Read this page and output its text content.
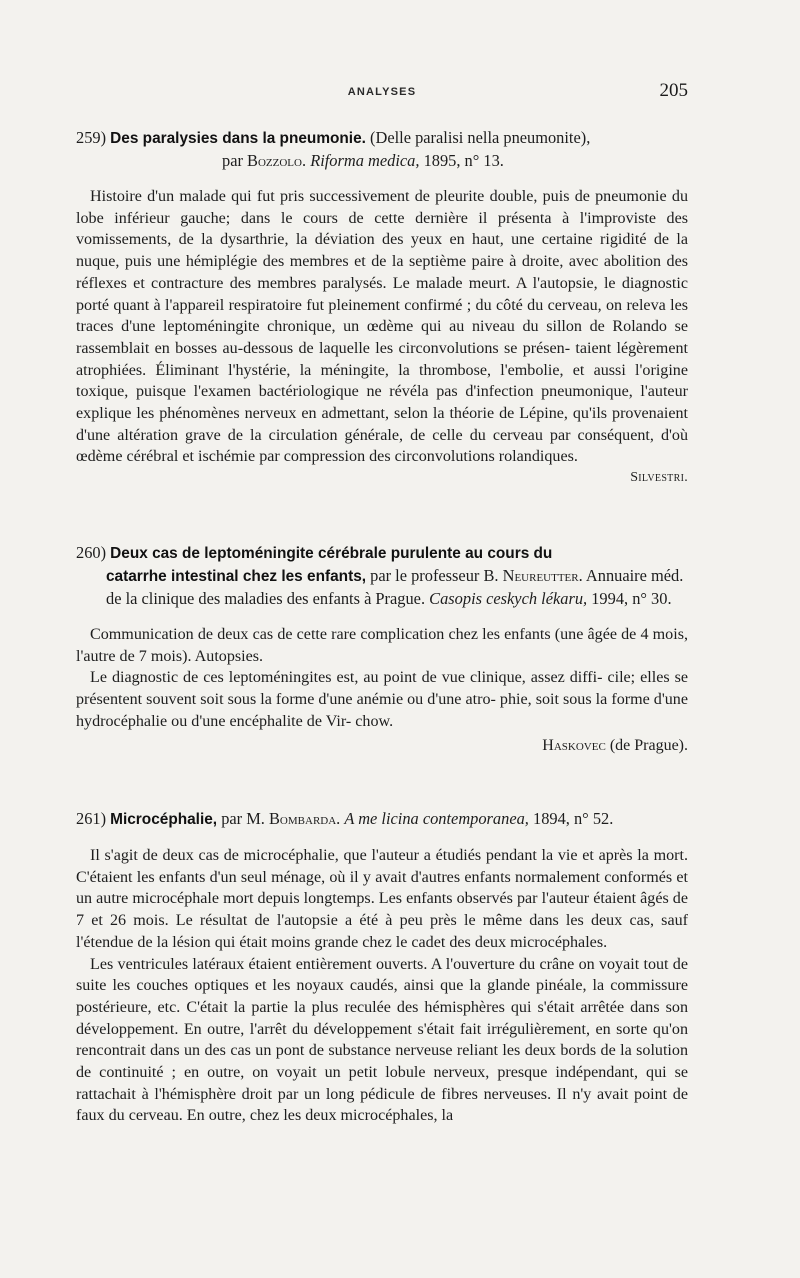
ANALYSES	205
259) Des paralysies dans la pneumonie. (Delle paralisi nella pneumonite),
par Bozzolo. Riforma medica, 1895, n° 13.

Histoire d'un malade qui fut pris successivement de pleurite double, puis de pneumonie du lobe inférieur gauche; dans le cours de cette dernière il présenta à l'improviste des vomissements, de la dysarthrie, la déviation des yeux en haut, une certaine rigidité de la nuque, puis une hémiplégie des membres et de la septième paire à droite, avec abolition des réflexes et contracture des membres paralysés. Le malade meurt. A l'autopsie, le diagnostic porté quant à l'appareil respiratoire fut pleinement confirmé ; du côté du cerveau, on releva les traces d'une leptoméningite chronique, un œdème qui au niveau du sillon de Rolando se rassemblait en bosses au-dessous de laquelle les circonvolutions se présen- taient légèrement atrophiées. Éliminant l'hystérie, la méningite, la thrombose, l'embolie, et aussi l'origine toxique, puisque l'examen bactériologique ne révéla pas d'infection pneumonique, l'auteur explique les phénomènes nerveux en admettant, selon la théorie de Lépine, qu'ils provenaient d'une altération grave de la circulation générale, de celle du cerveau par conséquent, d'où œdème cérébral et ischémie par compression des circonvolutions rolandiques.

Silvestri.
260) Deux cas de leptoméningite cérébrale purulente au cours du
catarrhe intestinal chez les enfants, par le professeur B. Neureutter. Annuaire méd. de la clinique des maladies des enfants à Prague. Casopis ceskych lékaru, 1994, n° 30.

Communication de deux cas de cette rare complication chez les enfants (une âgée de 4 mois, l'autre de 7 mois). Autopsies.

Le diagnostic de ces leptoméningites est, au point de vue clinique, assez diffi- cile; elles se présentent souvent soit sous la forme d'une anémie ou d'une atro- phie, soit sous la forme d'une hydrocéphalie ou d'une encéphalite de Vir- chow.

Haskovec (de Prague).
261) Microcéphalie, par M. Bombarda. A me licina contemporanea, 1894, n° 52.

Il s'agit de deux cas de microcéphalie, que l'auteur a étudiés pendant la vie et après la mort. C'étaient les enfants d'un seul ménage, où il y avait d'autres enfants normalement conformés et un autre microcéphale mort depuis longtemps. Les enfants observés par l'auteur étaient âgés de 7 et 26 mois. Le résultat de l'autopsie a été à peu près le même dans les deux cas, sauf l'étendue de la lésion qui était moins grande chez le cadet des deux microcéphales.

Les ventricules latéraux étaient entièrement ouverts. A l'ouverture du crâne on voyait tout de suite les couches optiques et les noyaux caudés, ainsi que la glande pinéale, la commissure postérieure, etc. C'était la partie la plus reculée des hémisphères qui s'était arrêtée dans son développement. En outre, l'arrêt du développement s'était fait irrégulièrement, en sorte qu'on rencontrait dans un des cas un pont de substance nerveuse reliant les deux bords de la solution de continuité ; en outre, on voyait un petit lobule nerveux, presque indépendant, qui se rattachait à l'hémisphère droit par un long pédicule de fibres nerveuses. Il n'y avait point de faux du cerveau. En outre, chez les deux microcéphales, la
